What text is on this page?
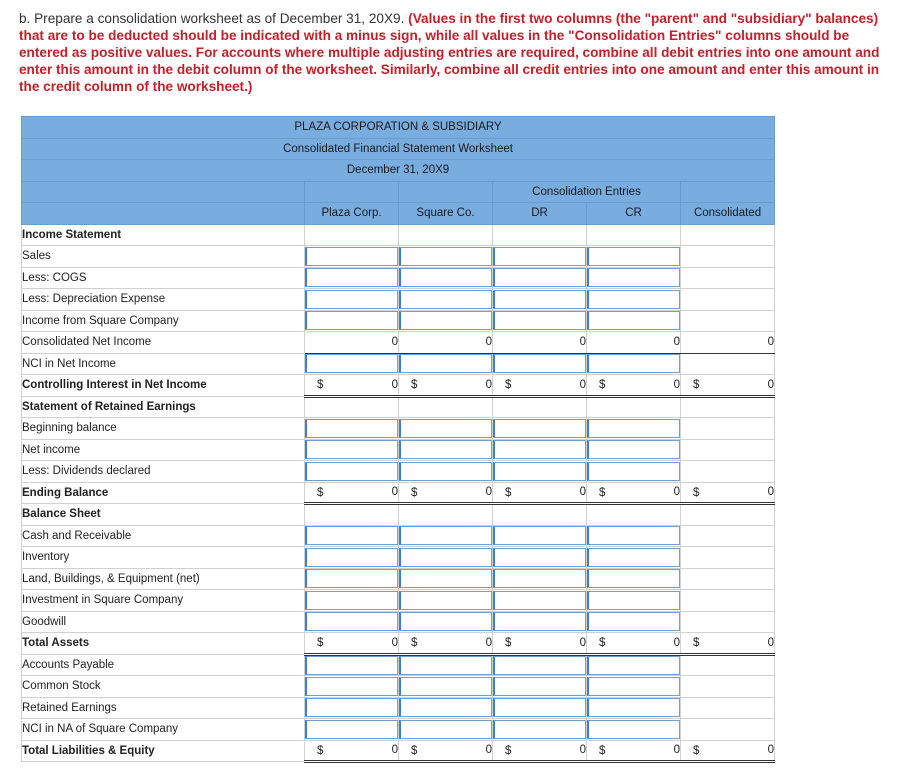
b. Prepare a consolidation worksheet as of December 31, 20X9. (Values in the first two columns (the "parent" and "subsidiary" balances) that are to be deducted should be indicated with a minus sign, while all values in the "Consolidation Entries" columns should be entered as positive values. For accounts where multiple adjusting entries are required, combine all debit entries into one amount and enter this amount in the debit column of the worksheet. Similarly, combine all credit entries into one amount and enter this amount in the credit column of the worksheet.)
PLAZA CORPORATION & SUBSIDIARY					
Consolidated Financial Statement Worksheet					
December 31, 20X9					
			Consolidation Entries		
	Plaza Corp.	Square Co.	DR	CR	Consolidated
Income Statement					
Sales					
Less: COGS					
Less: Depreciation Expense					
Income from Square Company					
Consolidated Net Income	0	0	0	0	0
NCI in Net Income					
Controlling Interest in Net Income	$ 0	$ 0	$ 0	$ 0	$ 0
Statement of Retained Earnings					
Beginning balance					
Net income					
Less: Dividends declared					
Ending Balance	$ 0	$ 0	$ 0	$ 0	$ 0
Balance Sheet					
Cash and Receivable					
Inventory					
Land, Buildings, & Equipment (net)					
Investment in Square Company					
Goodwill					
Total Assets	$ 0	$ 0	$ 0	$ 0	$ 0
Accounts Payable					
Common Stock					
Retained Earnings					
NCI in NA of Square Company					
Total Liabilities & Equity	$ 0	$ 0	$ 0	$ 0	$ 0
